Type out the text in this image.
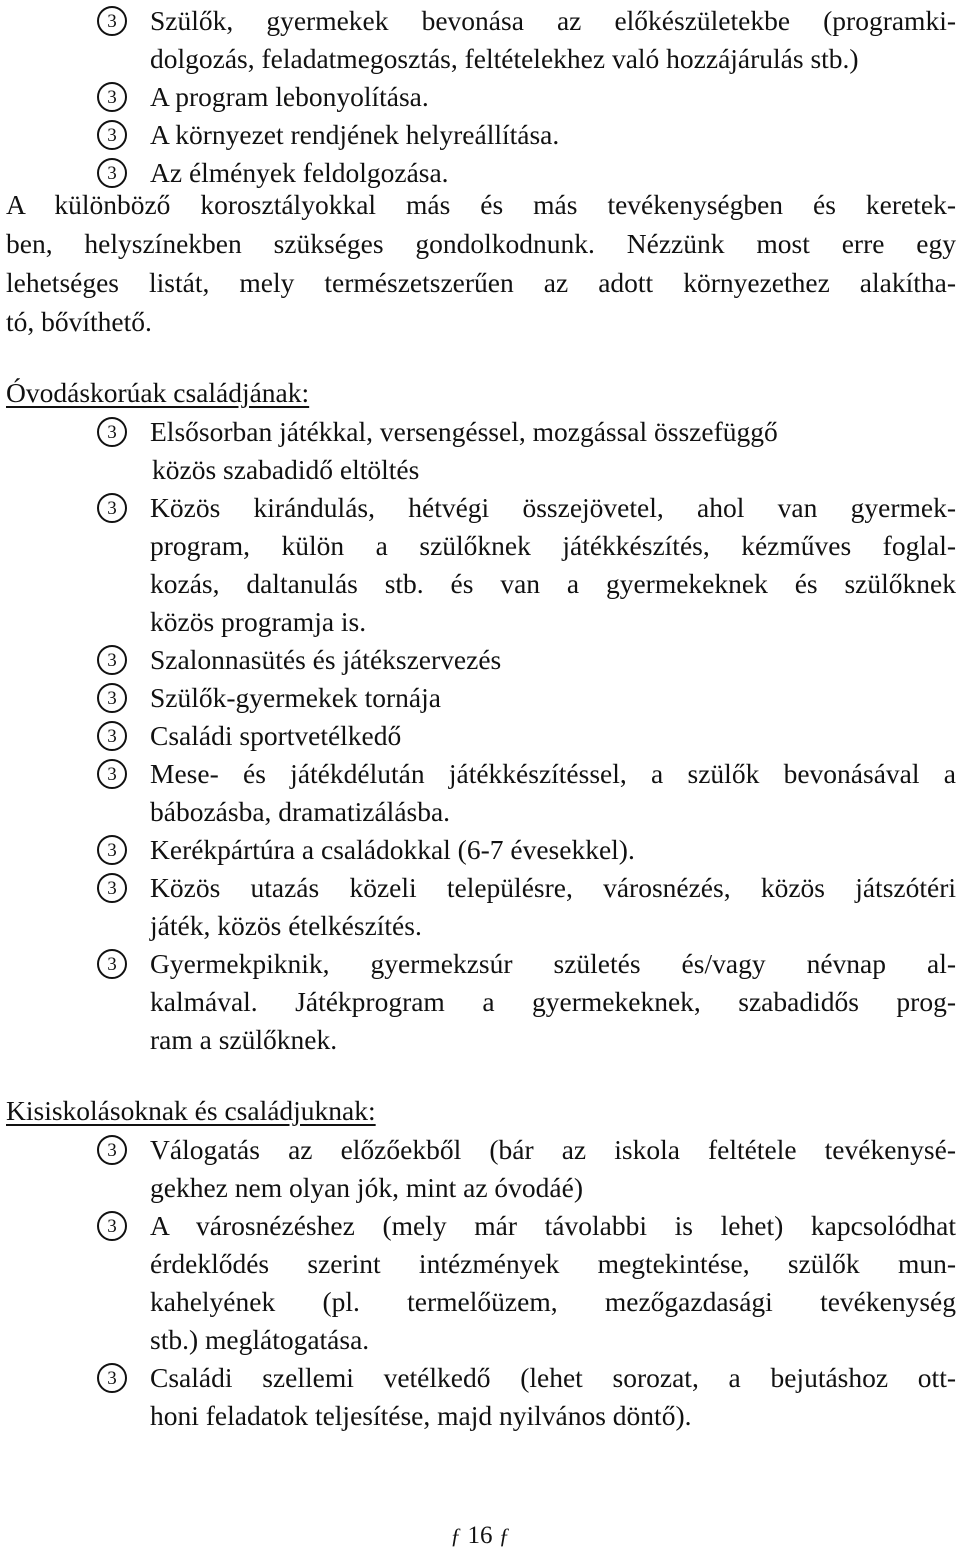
3	Szülők, gyermekek bevonása az előkészületekbe (programki-
dolgozás, feladatmegosztás, feltételekhez való hozzájárulás stb.)
3	A program lebonyolítása.
3	A környezet rendjének helyreállítása.
3	Az élmények feldolgozása.
A különböző korosztályokkal más és más tevékenységben és keretek-
ben, helyszínekben szükséges gondolkodnunk. Nézzünk most erre egy
lehetséges listát, mely természetszerűen az adott környezethez alakítha-
tó, bővíthető.
Óvodáskorúak családjának:
3	Elsősorban játékkal, versengéssel, mozgással összefüggő
közös szabadidő eltöltés
3	Közös kirándulás, hétvégi összejövetel, ahol van gyermek-
program, külön a szülőknek játékkészítés, kézműves foglal-
kozás, daltanulás stb. és van a gyermekeknek és szülőknek
közös programja is.
3	Szalonnasütés és játékszervezés
3	Szülők-gyermekek tornája
3	Családi sportvetélkedő
3	Mese- és játékdélután játékkészítéssel, a szülők bevonásával a
bábozásba, dramatizálásba.
3	Kerékpártúra a családokkal (6-7 évesekkel).
3	Közös utazás közeli településre, városnézés, közös játszótéri
játék, közös ételkészítés.
3	Gyermekpiknik, gyermekzsúr születés és/vagy névnap al-
kalmával. Játékprogram a gyermekeknek, szabadidős prog-
ram a szülőknek.
Kisiskolásoknak és családjuknak:
3	Válogatás az előzőekből (bár az iskola feltétele tevékenysé-
gekhez nem olyan jók, mint az óvodáé)
3	A városnézéshez (mely már távolabbi is lehet) kapcsolódhat
érdeklődés szerint intézmények megtekintése, szülők mun-
kahelyének (pl. termelőüzem, mezőgazdasági tevékenység
stb.) meglátogatása.
3	Családi szellemi vetélkedő (lehet sorozat, a bejutáshoz ott-
honi feladatok teljesítése, majd nyilvános döntő).
ƒ 16 ƒ
